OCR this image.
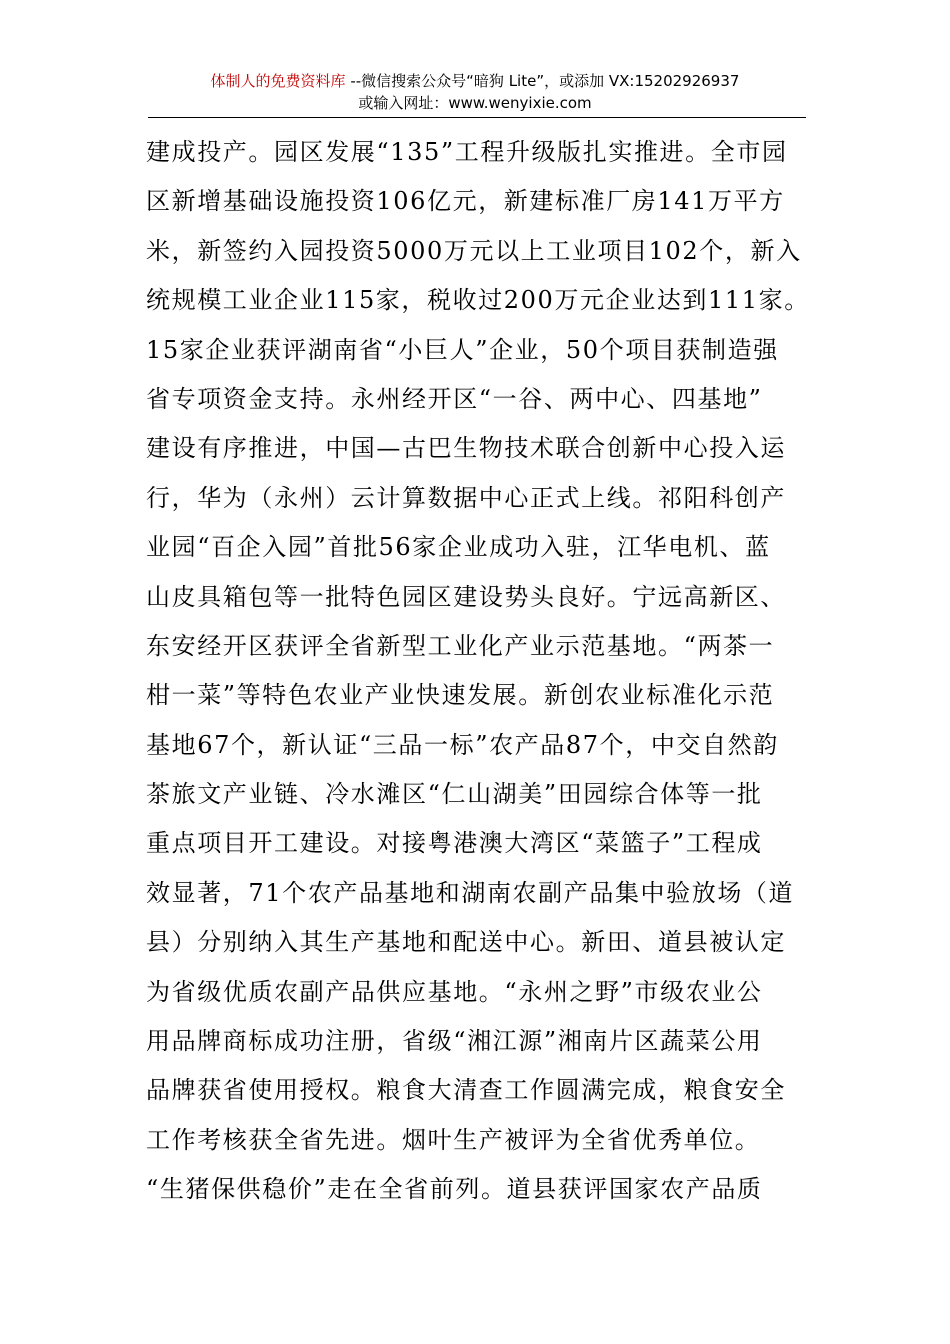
体制人的免费资料库 --微信搜索公众号“暗狗 Lite”，或添加 VX:15202926937
或输入网址：www.wenyixie.com
建成投产。园区发展“135”工程升级版扎实推进。全市园
区新增基础设施投资106亿元，新建标准厂房141万平方
米，新签约入园投资5000万元以上工业项目102个，新入
统规模工业企业115家，税收过200万元企业达到111家。
15家企业获评湖南省“小巨人”企业，50个项目获制造强
省专项资金支持。永州经开区“一谷、两中心、四基地”
建设有序推进，中国—古巴生物技术联合创新中心投入运
行，华为（永州）云计算数据中心正式上线。祁阳科创产
业园“百企入园”首批56家企业成功入驻，江华电机、蓝
山皮具箱包等一批特色园区建设势头良好。宁远高新区、
东安经开区获评全省新型工业化产业示范基地。“两茶一
柑一菜”等特色农业产业快速发展。新创农业标准化示范
基地67个，新认证“三品一标”农产品87个，中交自然韵
茶旅文产业链、冷水滩区“仁山湖美”田园综合体等一批
重点项目开工建设。对接粤港澳大湾区“菜篮子”工程成
效显著，71个农产品基地和湖南农副产品集中验放场（道
县）分别纳入其生产基地和配送中心。新田、道县被认定
为省级优质农副产品供应基地。“永州之野”市级农业公
用品牌商标成功注册，省级“湘江源”湘南片区蔬菜公用
品牌获省使用授权。粮食大清查工作圆满完成，粮食安全
工作考核获全省先进。烟叶生产被评为全省优秀单位。
“生猪保供稳价”走在全省前列。道县获评国家农产品质
